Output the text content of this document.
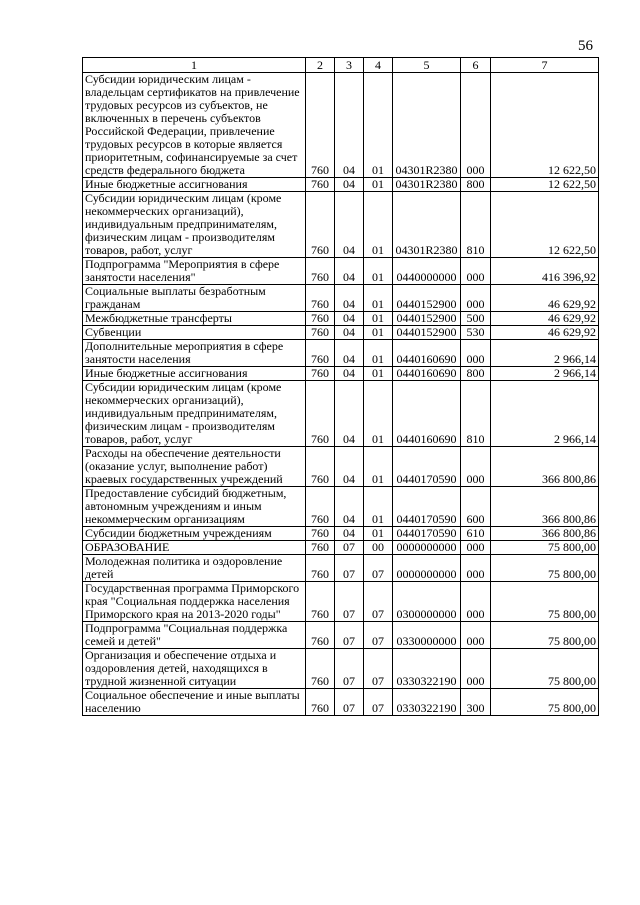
56
1	2	3	4	5	6	7
Субсидии юридическим лицам - владельцам сертификатов на привлечение трудовых ресурсов из субъектов, не включенных в перечень субъектов Российской Федерации, привлечение трудовых ресурсов в которые является приоритетным, софинансируемые за счет средств федерального бюджета	760	04	01	04301R2380	000	12 622,50
Иные бюджетные ассигнования	760	04	01	04301R2380	800	12 622,50
Субсидии юридическим лицам (кроме некоммерческих организаций), индивидуальным предпринимателям, физическим лицам - производителям товаров, работ, услуг	760	04	01	04301R2380	810	12 622,50
Подпрограмма "Мероприятия в сфере занятости населения"	760	04	01	0440000000	000	416 396,92
Социальные выплаты безработным гражданам	760	04	01	0440152900	000	46 629,92
Межбюджетные трансферты	760	04	01	0440152900	500	46 629,92
Субвенции	760	04	01	0440152900	530	46 629,92
Дополнительные мероприятия в сфере занятости населения	760	04	01	0440160690	000	2 966,14
Иные бюджетные ассигнования	760	04	01	0440160690	800	2 966,14
Субсидии юридическим лицам (кроме некоммерческих организаций), индивидуальным предпринимателям, физическим лицам - производителям товаров, работ, услуг	760	04	01	0440160690	810	2 966,14
Расходы на обеспечение деятельности (оказание услуг, выполнение работ) краевых государственных учреждений	760	04	01	0440170590	000	366 800,86
Предоставление субсидий бюджетным, автономным учреждениям и иным некоммерческим организациям	760	04	01	0440170590	600	366 800,86
Субсидии бюджетным учреждениям	760	04	01	0440170590	610	366 800,86
ОБРАЗОВАНИЕ	760	07	00	0000000000	000	75 800,00
Молодежная политика и оздоровление детей	760	07	07	0000000000	000	75 800,00
Государственная программа Приморского края "Социальная поддержка населения Приморского края на 2013-2020 годы"	760	07	07	0300000000	000	75 800,00
Подпрограмма "Социальная поддержка семей и детей"	760	07	07	0330000000	000	75 800,00
Организация и обеспечение отдыха и оздоровления детей, находящихся в трудной жизненной ситуации	760	07	07	0330322190	000	75 800,00
Социальное обеспечение и иные выплаты населению	760	07	07	0330322190	300	75 800,00
